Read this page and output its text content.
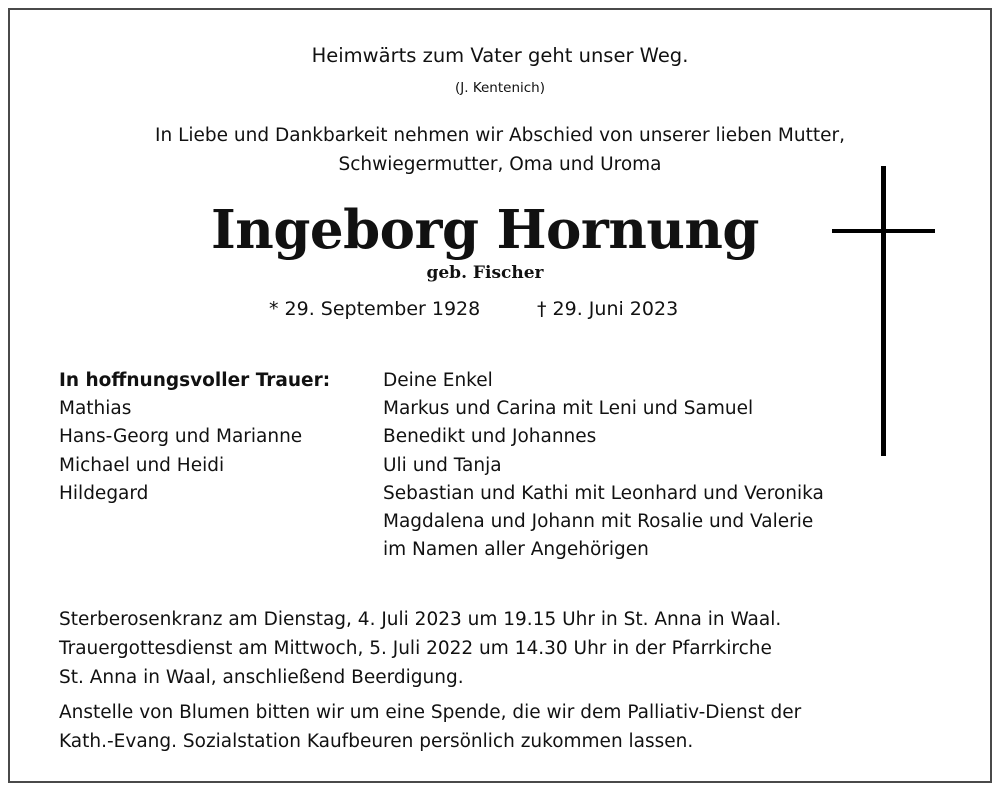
Heimwärts zum Vater geht unser Weg.
(J. Kentenich)
In Liebe und Dankbarkeit nehmen wir Abschied von unserer lieben Mutter,
Schwiegermutter, Oma und Uroma
Ingeborg Hornung
geb. Fischer
* 29. September 1928	† 29. Juni 2023
In hoffnungsvoller Trauer:
Mathias
Hans-Georg und Marianne
Michael und Heidi
Hildegard
Deine Enkel
Markus und Carina mit Leni und Samuel
Benedikt und Johannes
Uli und Tanja
Sebastian und Kathi mit Leonhard und Veronika
Magdalena und Johann mit Rosalie und Valerie
im Namen aller Angehörigen
Sterberosenkranz am Dienstag, 4. Juli 2023 um 19.15 Uhr in St. Anna in Waal.
Trauergottesdienst am Mittwoch, 5. Juli 2022 um 14.30 Uhr in der Pfarrkirche
St. Anna in Waal, anschließend Beerdigung.
Anstelle von Blumen bitten wir um eine Spende, die wir dem Palliativ-Dienst der
Kath.-Evang. Sozialstation Kaufbeuren persönlich zukommen lassen.
